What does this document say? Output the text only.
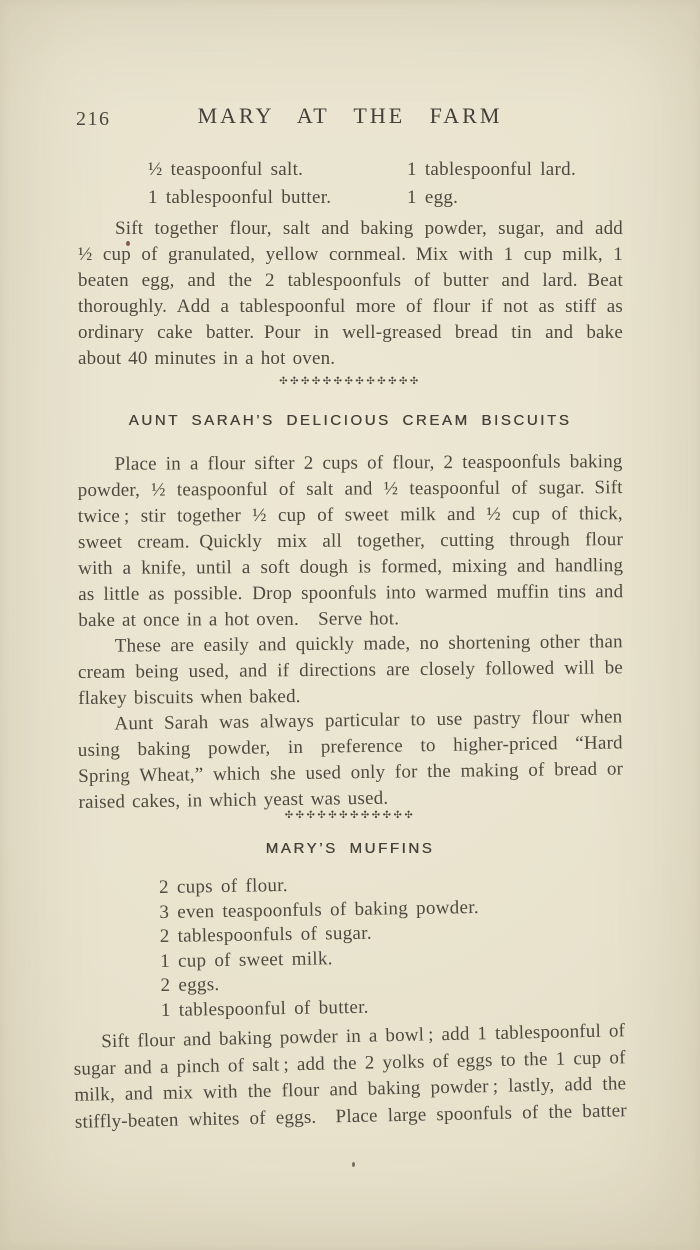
216	MARY AT THE FARM
½ teaspoonful salt.
1 tablespoonful butter.
1 tablespoonful lard.
1 egg.
Sift together flour, salt and baking powder, sugar, and add
½ cup of granulated, yellow cornmeal. Mix with 1 cup milk, 1
beaten egg, and the 2 tablespoonfuls of butter and lard. Beat
thoroughly. Add a tablespoonful more of flour if not as stiff as
ordinary cake batter. Pour in well-greased bread tin and bake
about 40 minutes in a hot oven.
✣✣✣✣✣✣✣✣✣✣✣✣✣
AUNT SARAH’S DELICIOUS CREAM BISCUITS
Place in a flour sifter 2 cups of flour, 2 teaspoonfuls baking
powder, ½ teaspoonful of salt and ½ teaspoonful of sugar. Sift
twice ; stir together ½ cup of sweet milk and ½ cup of thick,
sweet cream. Quickly mix all together, cutting through flour
with a knife, until a soft dough is formed, mixing and handling
as little as possible. Drop spoonfuls into warmed muffin tins and
bake at once in a hot oven. Serve hot.
These are easily and quickly made, no shortening other than
cream being used, and if directions are closely followed will be
flakey biscuits when baked.
Aunt Sarah was always particular to use pastry flour when
using baking powder, in preference to higher-priced “Hard
Spring Wheat,” which she used only for the making of bread or
raised cakes, in which yeast was used.
✣✣✣✣✣✣✣✣✣✣✣✣
MARY’S MUFFINS
2 cups of flour.
3 even teaspoonfuls of baking powder.
2 tablespoonfuls of sugar.
1 cup of sweet milk.
2 eggs.
1 tablespoonful of butter.
Sift flour and baking powder in a bowl ; add 1 tablespoonful of
sugar and a pinch of salt ; add the 2 yolks of eggs to the 1 cup of
milk, and mix with the flour and baking powder ; lastly, add the
stiffly-beaten whites of eggs. Place large spoonfuls of the batter
